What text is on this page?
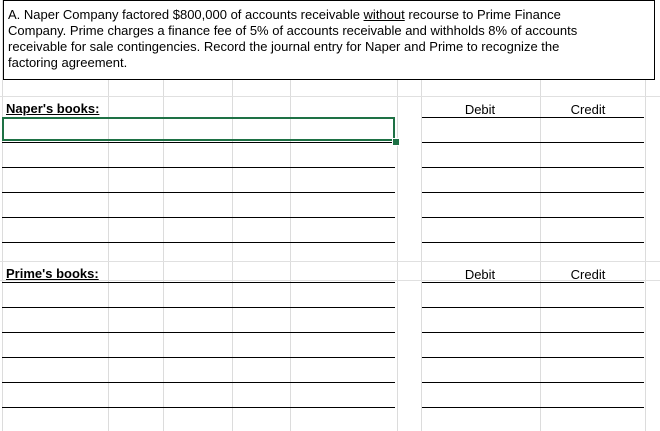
A. Naper Company factored $800,000 of accounts receivable without recourse to Prime Finance
Company. Prime charges a finance fee of 5% of accounts receivable and withholds 8% of accounts
receivable for sale contingencies. Record the journal entry for Naper and Prime to recognize the
factoring agreement.
Naper's books:	Debit	Credit
Prime's books:	Debit	Credit
